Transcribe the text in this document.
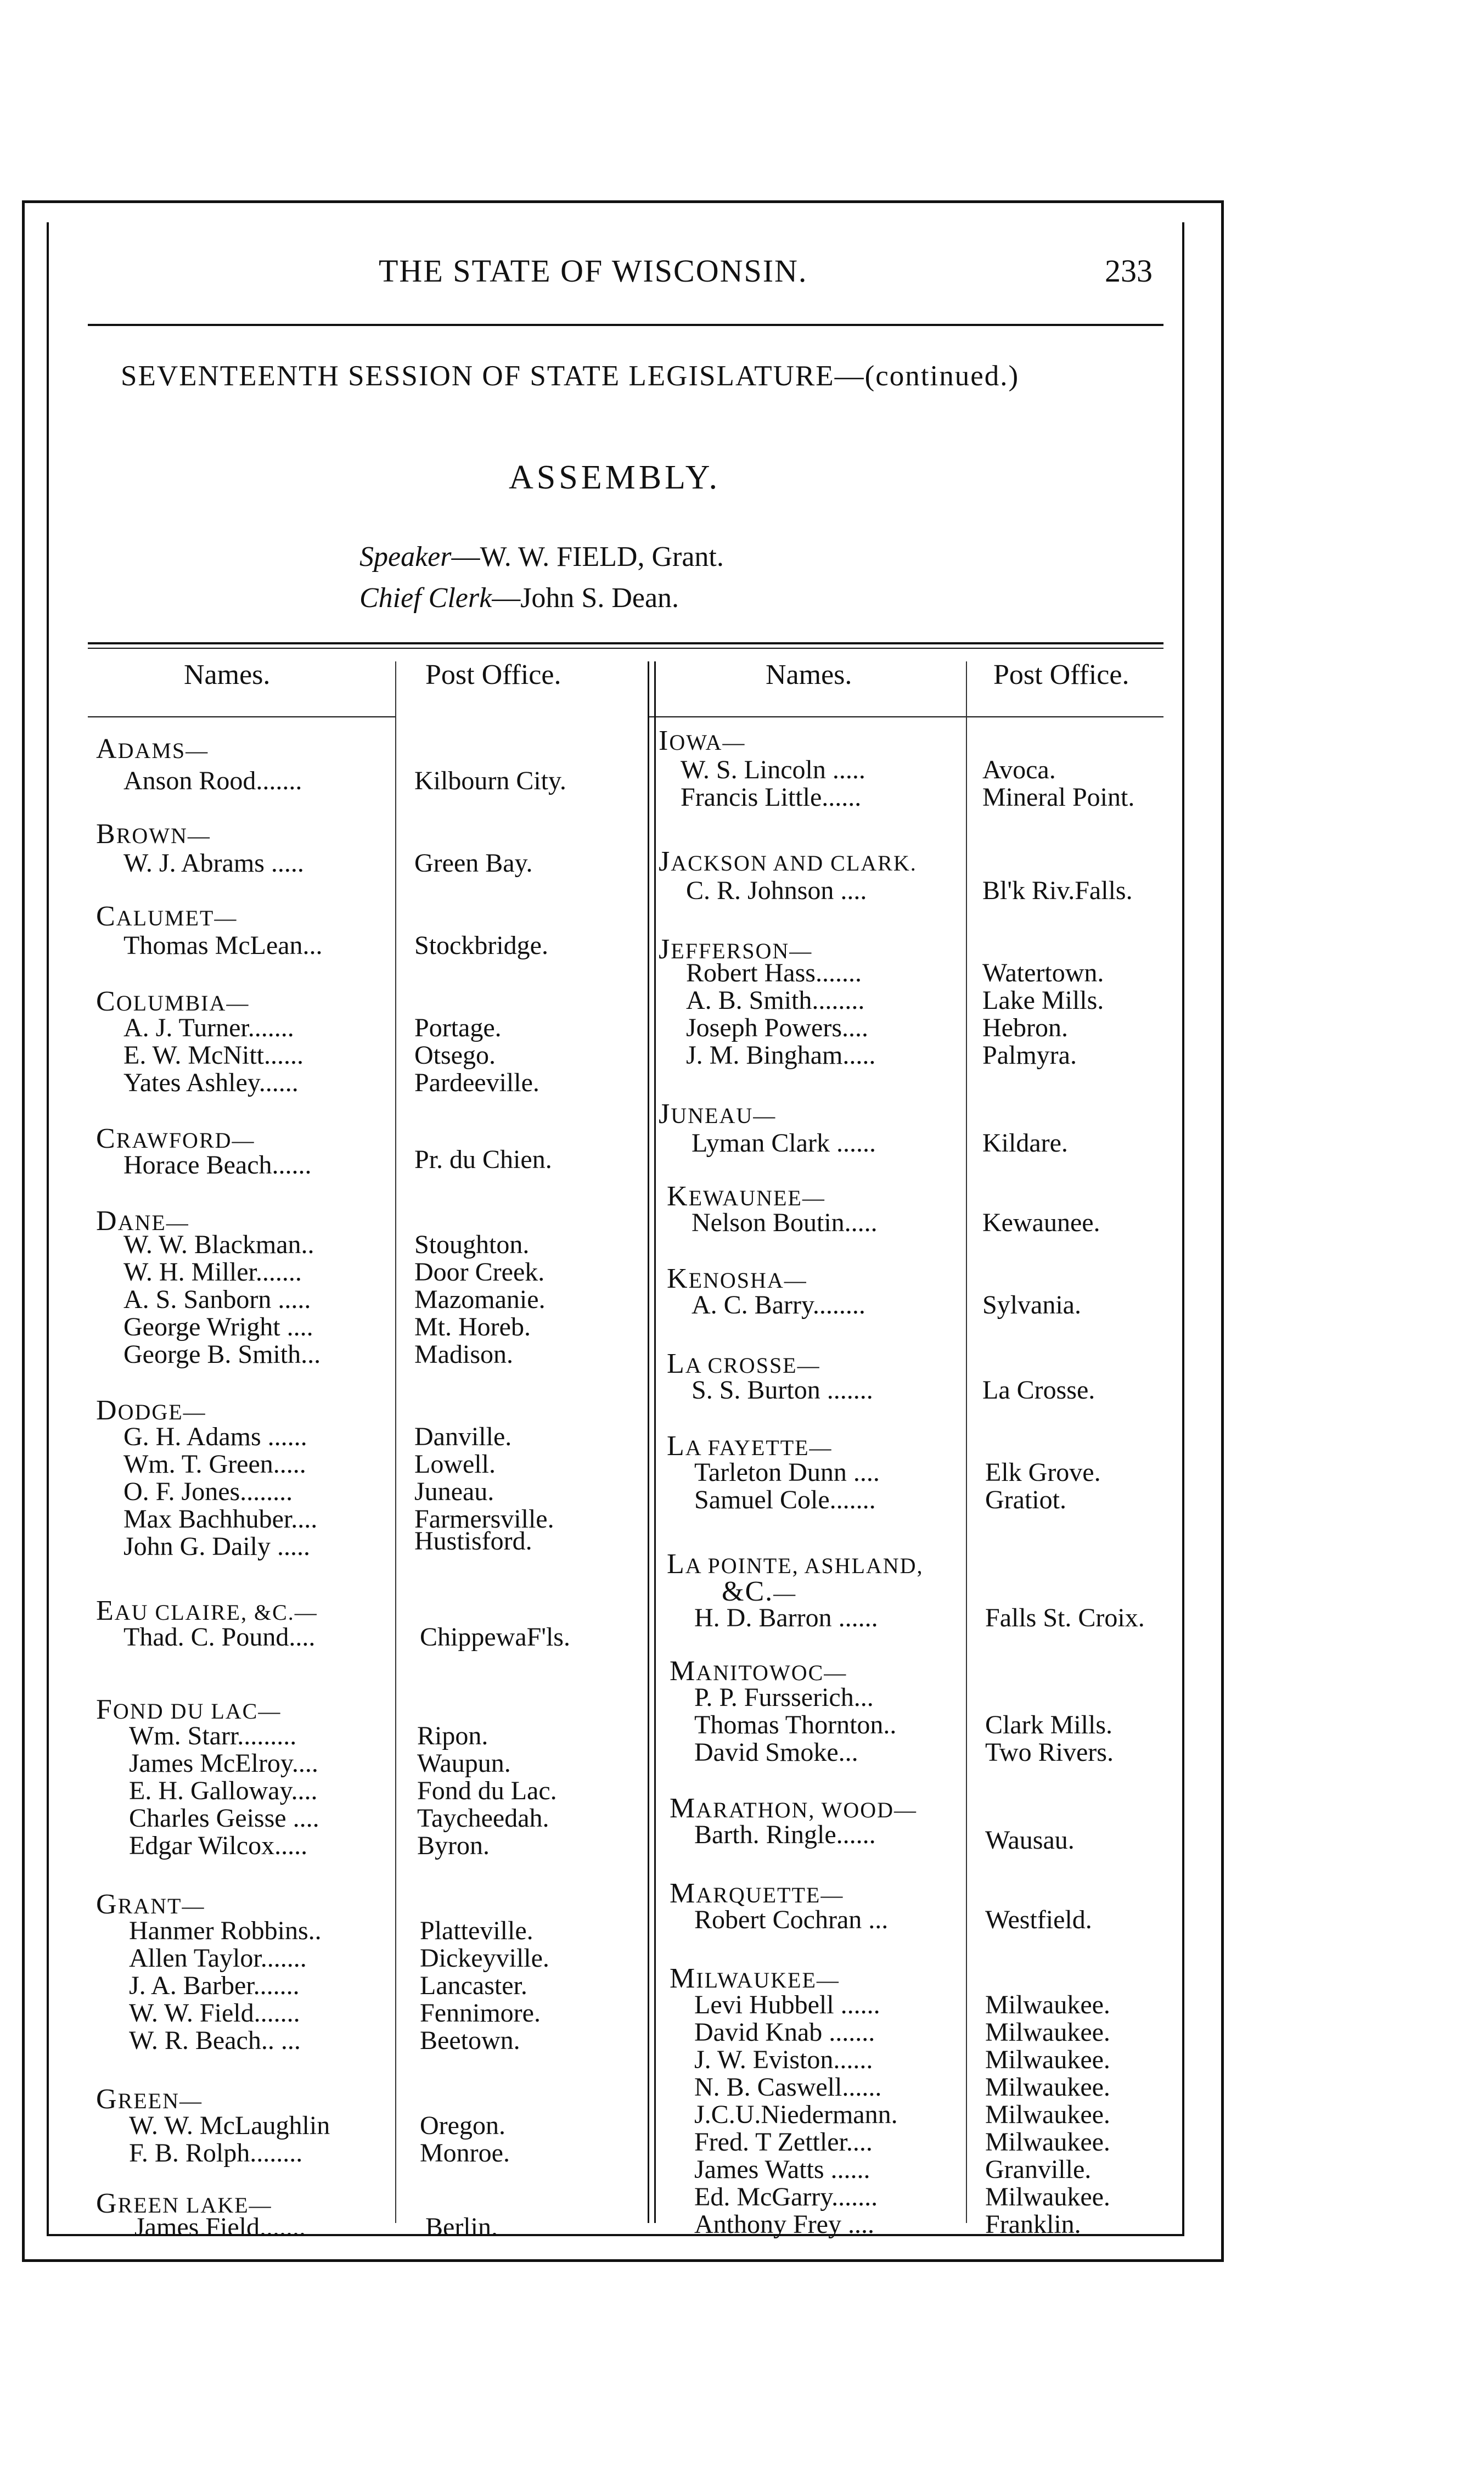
THE STATE OF WISCONSIN.	233
SEVENTEENTH SESSION OF STATE LEGISLATURE—(continued.)
ASSEMBLY.
Speaker—W. W. FIELD, Grant.
Chief Clerk—John S. Dean.
Names.	Post Office.	Names.	Post Office.
ADAMS—
Anson Rood.......	Kilbourn City.
BROWN—
W. J. Abrams .....	Green Bay.
CALUMET—
Thomas McLean...	Stockbridge.
COLUMBIA—
A. J. Turner.......	Portage.
E. W. McNitt......	Otsego.
Yates Ashley......	Pardeeville.
CRAWFORD—
Horace Beach......	Pr. du Chien.
DANE—
W. W. Blackman..	Stoughton.
W. H. Miller.......	Door Creek.
A. S. Sanborn .....	Mazomanie.
George Wright ....	Mt. Horeb.
George B. Smith...	Madison.
DODGE—
G. H. Adams ......	Danville.
Wm. T. Green.....	Lowell.
O. F. Jones........	Juneau.
Max Bachhuber....	Farmersville.
John G. Daily .....	Hustisford.
EAU CLAIRE, &C.—
Thad. C. Pound....	ChippewaF'ls.
FOND DU LAC—
Wm. Starr.........	Ripon.
James McElroy....	Waupun.
E. H. Galloway....	Fond du Lac.
Charles Geisse ....	Taycheedah.
Edgar Wilcox.....	Byron.
GRANT—
Hanmer Robbins..	Platteville.
Allen Taylor.......	Dickeyville.
J. A. Barber.......	Lancaster.
W. W. Field.......	Fennimore.
W. R. Beach.. ...	Beetown.
GREEN—
W. W. McLaughlin	Oregon.
F. B. Rolph........	Monroe.
GREEN LAKE—
James Field.......	Berlin.
IOWA—
W. S. Lincoln .....	Avoca.
Francis Little......	Mineral Point.
JACKSON AND CLARK.
C. R. Johnson ....	Bl'k Riv.Falls.
JEFFERSON—
Robert Hass.......	Watertown.
A. B. Smith........	Lake Mills.
Joseph Powers....	Hebron.
J. M. Bingham.....	Palmyra.
JUNEAU—
Lyman Clark ......	Kildare.
KEWAUNEE—
Nelson Boutin.....	Kewaunee.
KENOSHA—
A. C. Barry........	Sylvania.
LA CROSSE—
S. S. Burton .......	La Crosse.
LA FAYETTE—
Tarleton Dunn ....	Elk Grove.
Samuel Cole.......	Gratiot.
LA POINTE, ASHLAND,
&C.—
H. D. Barron ......	Falls St. Croix.
MANITOWOC—
P. P. Fursserich...
Thomas Thornton..	Clark Mills.
David Smoke...	Two Rivers.
MARATHON, WOOD—
Barth. Ringle......	Wausau.
MARQUETTE—
Robert Cochran ...	Westfield.
MILWAUKEE—
Levi Hubbell ......	Milwaukee.
David Knab .......	Milwaukee.
J. W. Eviston......	Milwaukee.
N. B. Caswell......	Milwaukee.
J.C.U.Niedermann.	Milwaukee.
Fred. T Zettler....	Milwaukee.
James Watts ......	Granville.
Ed. McGarry.......	Milwaukee.
Anthony Frey ....	Franklin.
